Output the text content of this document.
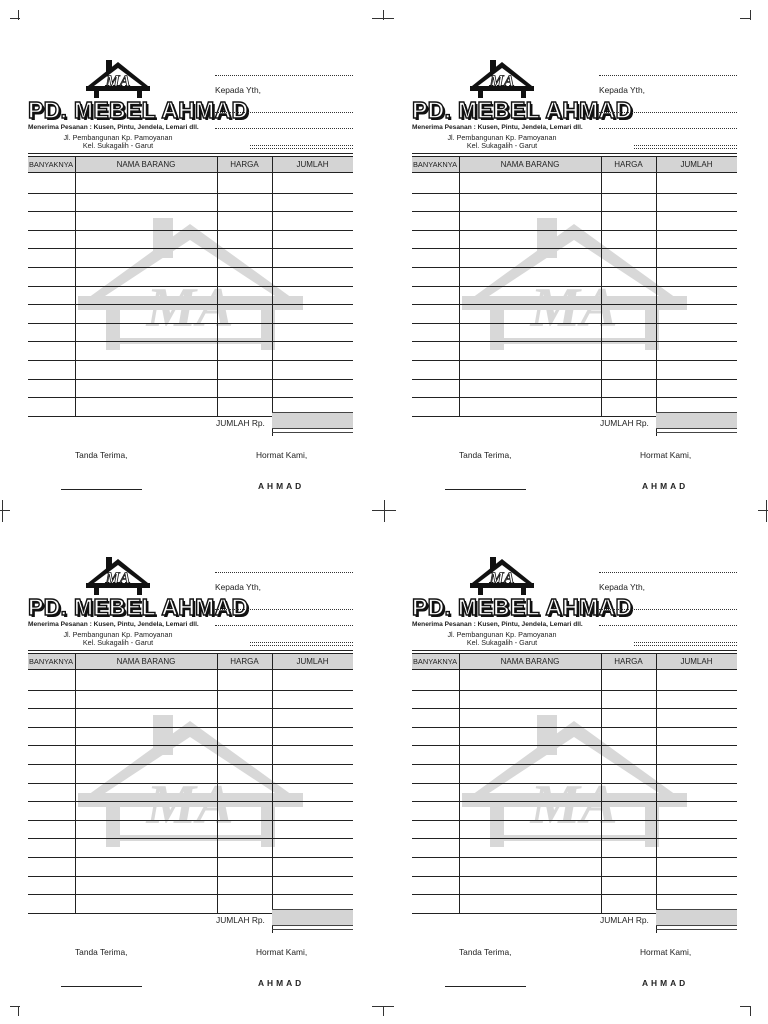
MA
MA
PD. MEBEL AHMAD
Menerima Pesanan : Kusen, Pintu, Jendela, Lemari dll.
Jl. Pembangunan Kp. Pamoyanan
Kel. Sukagalih - Garut
Kepada Yth,
BANYAKNYA	NAMA BARANG	HARGA	JUMLAH
JUMLAH Rp.
Tanda Terima,	Hormat Kami,
AHMAD
MA
MA
PD. MEBEL AHMAD
Menerima Pesanan : Kusen, Pintu, Jendela, Lemari dll.
Jl. Pembangunan Kp. Pamoyanan
Kel. Sukagalih - Garut
Kepada Yth,
BANYAKNYA	NAMA BARANG	HARGA	JUMLAH
JUMLAH Rp.
Tanda Terima,	Hormat Kami,
AHMAD
MA
MA
PD. MEBEL AHMAD
Menerima Pesanan : Kusen, Pintu, Jendela, Lemari dll.
Jl. Pembangunan Kp. Pamoyanan
Kel. Sukagalih - Garut
Kepada Yth,
BANYAKNYA	NAMA BARANG	HARGA	JUMLAH
JUMLAH Rp.
Tanda Terima,	Hormat Kami,
AHMAD
MA
MA
PD. MEBEL AHMAD
Menerima Pesanan : Kusen, Pintu, Jendela, Lemari dll.
Jl. Pembangunan Kp. Pamoyanan
Kel. Sukagalih - Garut
Kepada Yth,
BANYAKNYA	NAMA BARANG	HARGA	JUMLAH
JUMLAH Rp.
Tanda Terima,	Hormat Kami,
AHMAD
